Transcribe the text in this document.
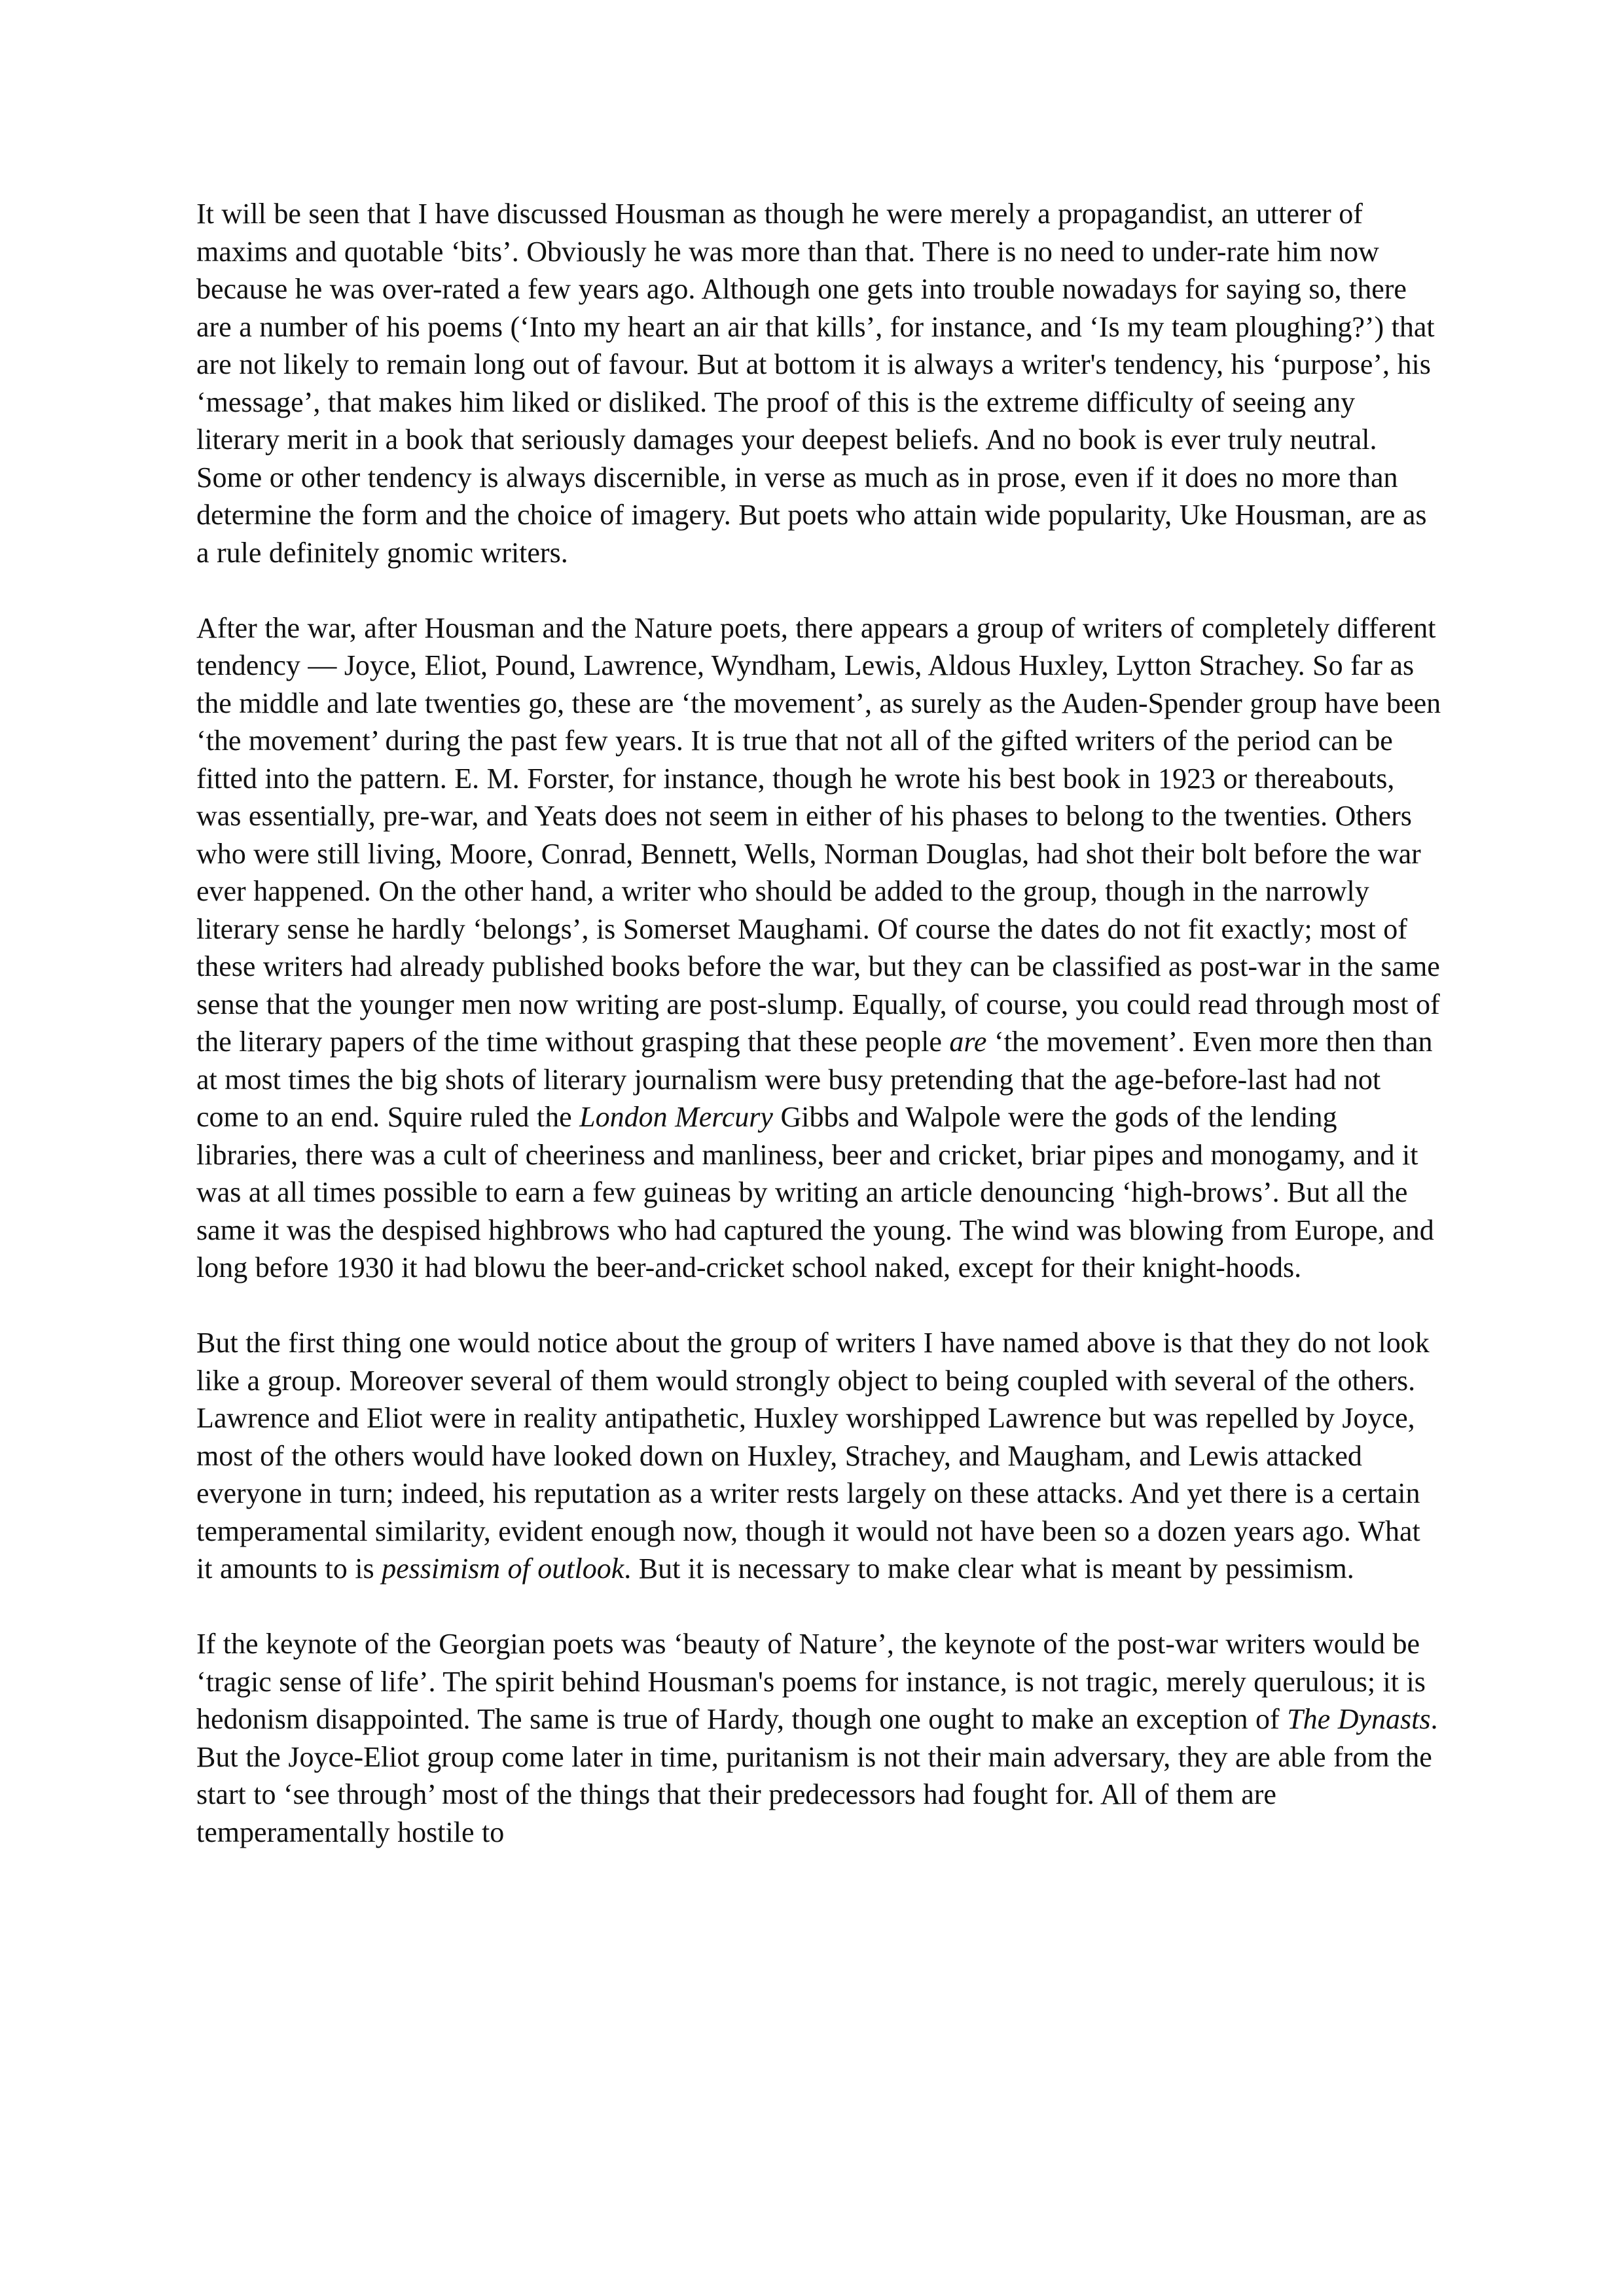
It will be seen that I have discussed Housman as though he were merely a propagandist, an utterer of maxims and quotable ‘bits’. Obviously he was more than that. There is no need to under-rate him now because he was over-rated a few years ago. Although one gets into trouble nowadays for saying so, there are a number of his poems (‘Into my heart an air that kills’, for instance, and ‘Is my team ploughing?’) that are not likely to remain long out of favour. But at bottom it is always a writer's tendency, his ‘purpose’, his ‘message’, that makes him liked or disliked. The proof of this is the extreme difficulty of seeing any literary merit in a book that seriously damages your deepest beliefs. And no book is ever truly neutral. Some or other tendency is always discernible, in verse as much as in prose, even if it does no more than determine the form and the choice of imagery. But poets who attain wide popularity, Uke Housman, are as a rule definitely gnomic writers.

After the war, after Housman and the Nature poets, there appears a group of writers of completely different tendency — Joyce, Eliot, Pound, Lawrence, Wyndham, Lewis, Aldous Huxley, Lytton Strachey. So far as the middle and late twenties go, these are ‘the movement’, as surely as the Auden-Spender group have been ‘the movement’ during the past few years. It is true that not all of the gifted writers of the period can be fitted into the pattern. E. M. Forster, for instance, though he wrote his best book in 1923 or thereabouts, was essentially, pre-war, and Yeats does not seem in either of his phases to belong to the twenties. Others who were still living, Moore, Conrad, Bennett, Wells, Norman Douglas, had shot their bolt before the war ever happened. On the other hand, a writer who should be added to the group, though in the narrowly literary sense he hardly ‘belongs’, is Somerset Maughami. Of course the dates do not fit exactly; most of these writers had already published books before the war, but they can be classified as post-war in the same sense that the younger men now writing are post-slump. Equally, of course, you could read through most of the literary papers of the time without grasping that these people are ‘the movement’. Even more then than at most times the big shots of literary journalism were busy pretending that the age-before-last had not come to an end. Squire ruled the London Mercury Gibbs and Walpole were the gods of the lending libraries, there was a cult of cheeriness and manliness, beer and cricket, briar pipes and monogamy, and it was at all times possible to earn a few guineas by writing an article denouncing ‘high-brows’. But all the same it was the despised highbrows who had captured the young. The wind was blowing from Europe, and long before 1930 it had blowu the beer-and-cricket school naked, except for their knight-hoods.

But the first thing one would notice about the group of writers I have named above is that they do not look like a group. Moreover several of them would strongly object to being coupled with several of the others. Lawrence and Eliot were in reality antipathetic, Huxley worshipped Lawrence but was repelled by Joyce, most of the others would have looked down on Huxley, Strachey, and Maugham, and Lewis attacked everyone in turn; indeed, his reputation as a writer rests largely on these attacks. And yet there is a certain temperamental similarity, evident enough now, though it would not have been so a dozen years ago. What it amounts to is pessimism of outlook. But it is necessary to make clear what is meant by pessimism.

If the keynote of the Georgian poets was ‘beauty of Nature’, the keynote of the post-war writers would be ‘tragic sense of life’. The spirit behind Housman's poems for instance, is not tragic, merely querulous; it is hedonism disappointed. The same is true of Hardy, though one ought to make an exception of The Dynasts. But the Joyce-Eliot group come later in time, puritanism is not their main adversary, they are able from the start to ‘see through’ most of the things that their predecessors had fought for. All of them are temperamentally hostile to
